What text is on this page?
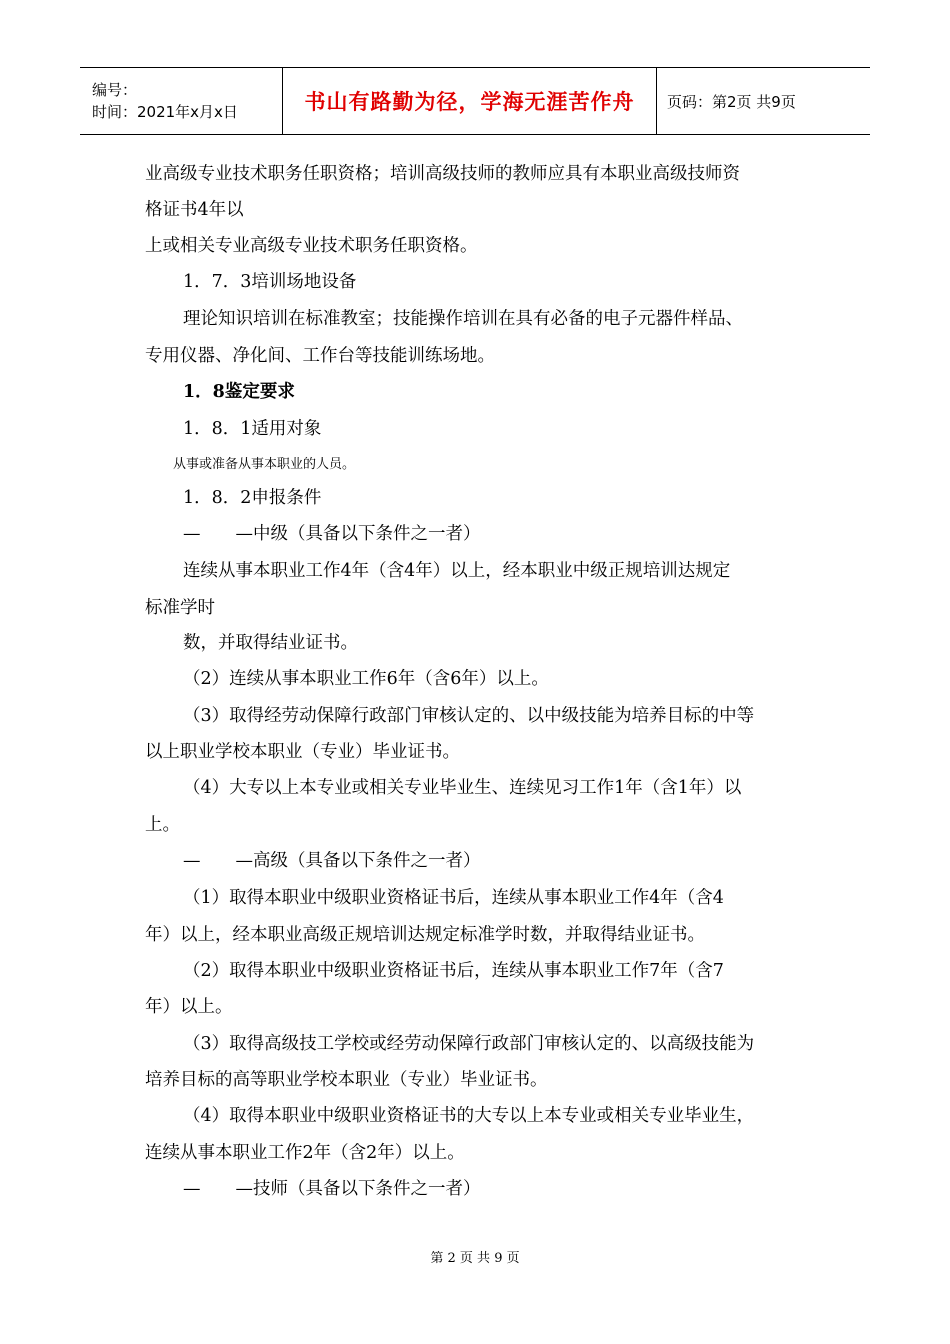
编号：
时间：2021年x月x日	书山有路勤为径，学海无涯苦作舟	页码：第2页 共9页
业高级专业技术职务任职资格；培训高级技师的教师应具有本职业高级技师资
格证书4年以
上或相关专业高级专业技术职务任职资格。
1．7．3培训场地设备
理论知识培训在标准教室；技能操作培训在具有必备的电子元器件样品、
专用仪器、净化间、工作台等技能训练场地。
1．8鉴定要求
1．8．1适用对象
从事或准备从事本职业的人员。
1．8．2申报条件
—　　—中级（具备以下条件之一者）
连续从事本职业工作4年（含4年）以上，经本职业中级正规培训达规定
标准学时
数，并取得结业证书。
（2）连续从事本职业工作6年（含6年）以上。
（3）取得经劳动保障行政部门审核认定的、以中级技能为培养目标的中等
以上职业学校本职业（专业）毕业证书。
（4）大专以上本专业或相关专业毕业生、连续见习工作1年（含1年）以
上。
—　　—高级（具备以下条件之一者）
（1）取得本职业中级职业资格证书后，连续从事本职业工作4年（含4
年）以上，经本职业高级正规培训达规定标准学时数，并取得结业证书。
（2）取得本职业中级职业资格证书后，连续从事本职业工作7年（含7
年）以上。
（3）取得高级技工学校或经劳动保障行政部门审核认定的、以高级技能为
培养目标的高等职业学校本职业（专业）毕业证书。
（4）取得本职业中级职业资格证书的大专以上本专业或相关专业毕业生，
连续从事本职业工作2年（含2年）以上。
—　　—技师（具备以下条件之一者）
第 2 页 共 9 页
